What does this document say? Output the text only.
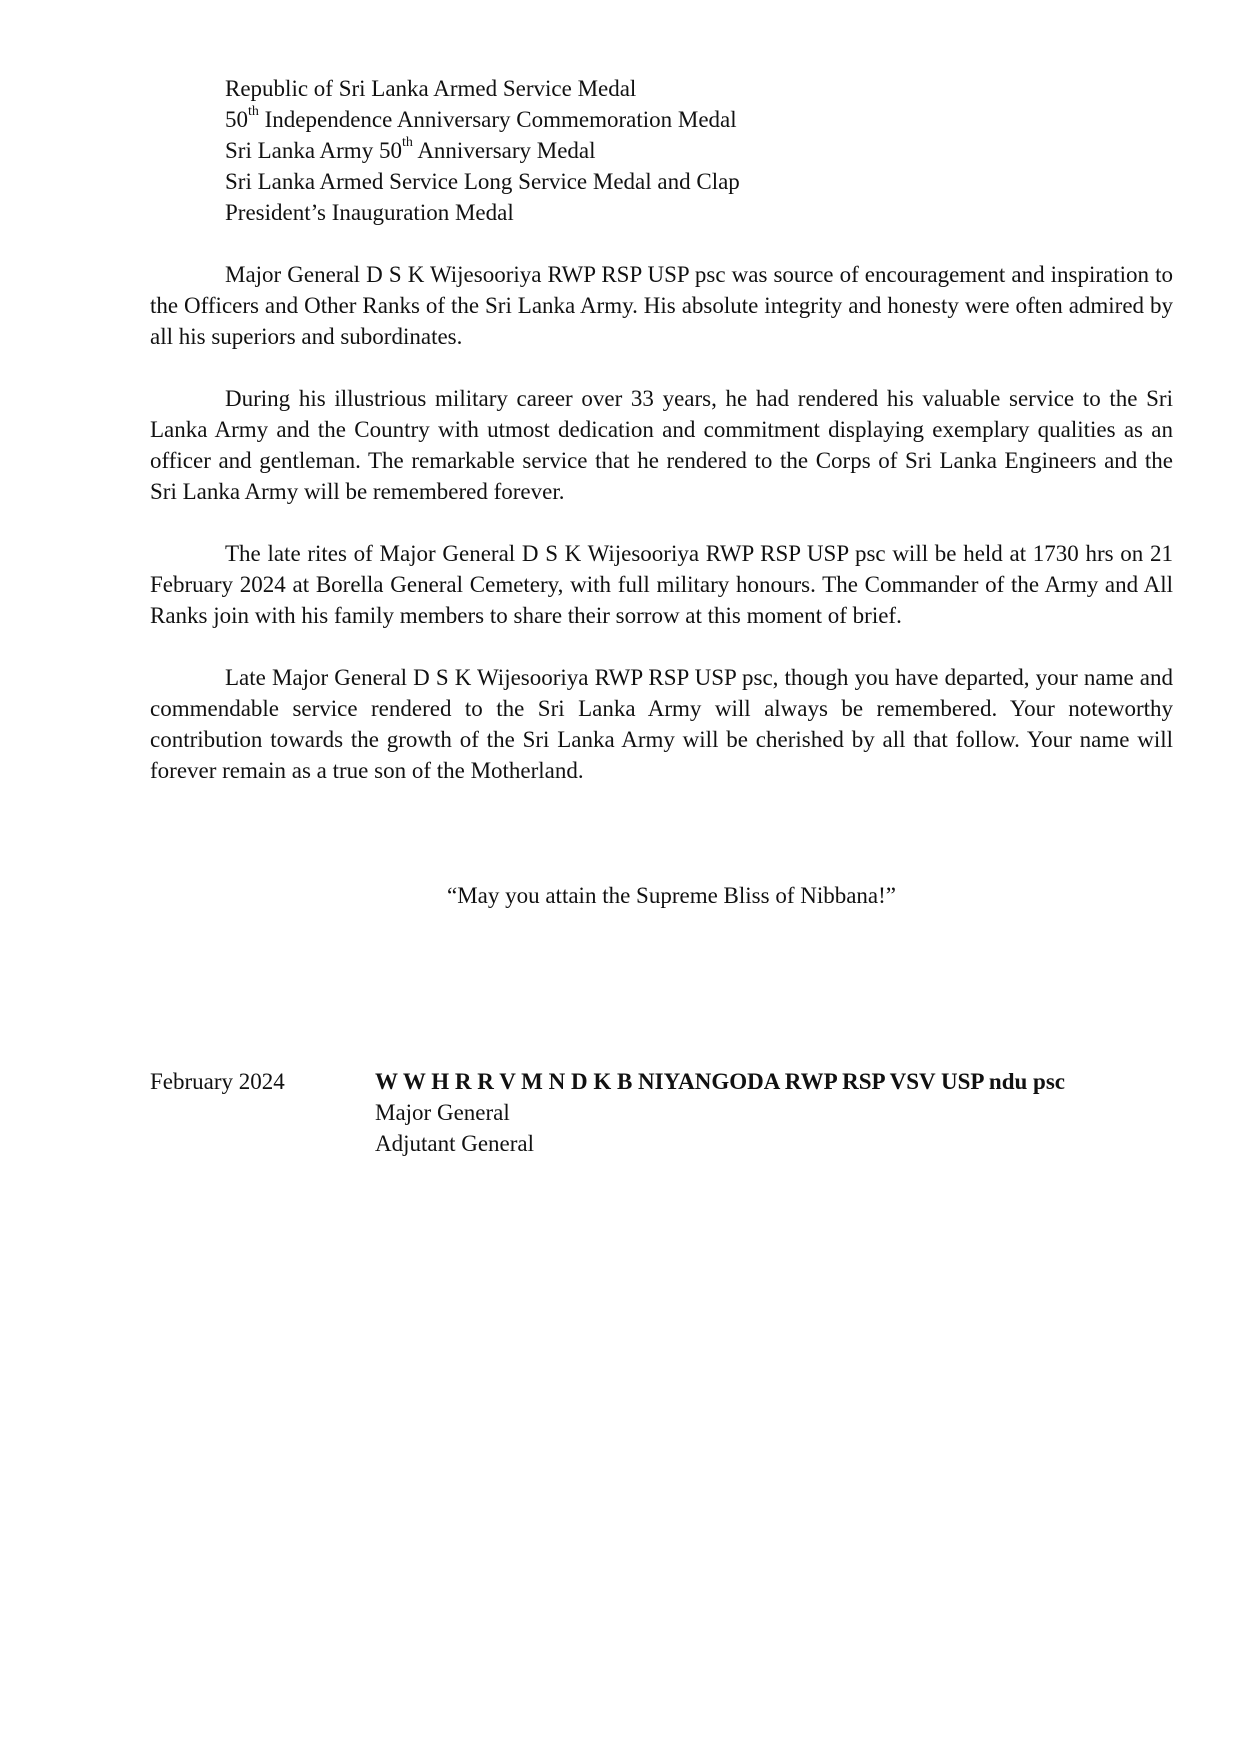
Republic of Sri Lanka Armed Service Medal
50th Independence Anniversary Commemoration Medal
Sri Lanka Army 50th Anniversary Medal
Sri Lanka Armed Service Long Service Medal and Clap
President’s Inauguration Medal

Major General D S K Wijesooriya RWP RSP USP psc was source of encouragement and inspiration to the Officers and Other Ranks of the Sri Lanka Army. His absolute integrity and honesty were often admired by all his superiors and subordinates.

During his illustrious military career over 33 years, he had rendered his valuable service to the Sri Lanka Army and the Country with utmost dedication and commitment displaying exemplary qualities as an officer and gentleman. The remarkable service that he rendered to the Corps of Sri Lanka Engineers and the Sri Lanka Army will be remembered forever.

The late rites of Major General D S K Wijesooriya RWP RSP USP psc will be held at 1730 hrs on 21 February 2024 at Borella General Cemetery, with full military honours. The Commander of the Army and All Ranks join with his family members to share their sorrow at this moment of brief.

Late Major General D S K Wijesooriya RWP RSP USP psc, though you have departed, your name and commendable service rendered to the Sri Lanka Army will always be remembered. Your noteworthy contribution towards the growth of the Sri Lanka Army will be cherished by all that follow. Your name will forever remain as a true son of the Motherland.

“May you attain the Supreme Bliss of Nibbana!”
February 2024	W W H R R V M N D K B NIYANGODA RWP RSP VSV USP ndu psc
Major General
Adjutant General
